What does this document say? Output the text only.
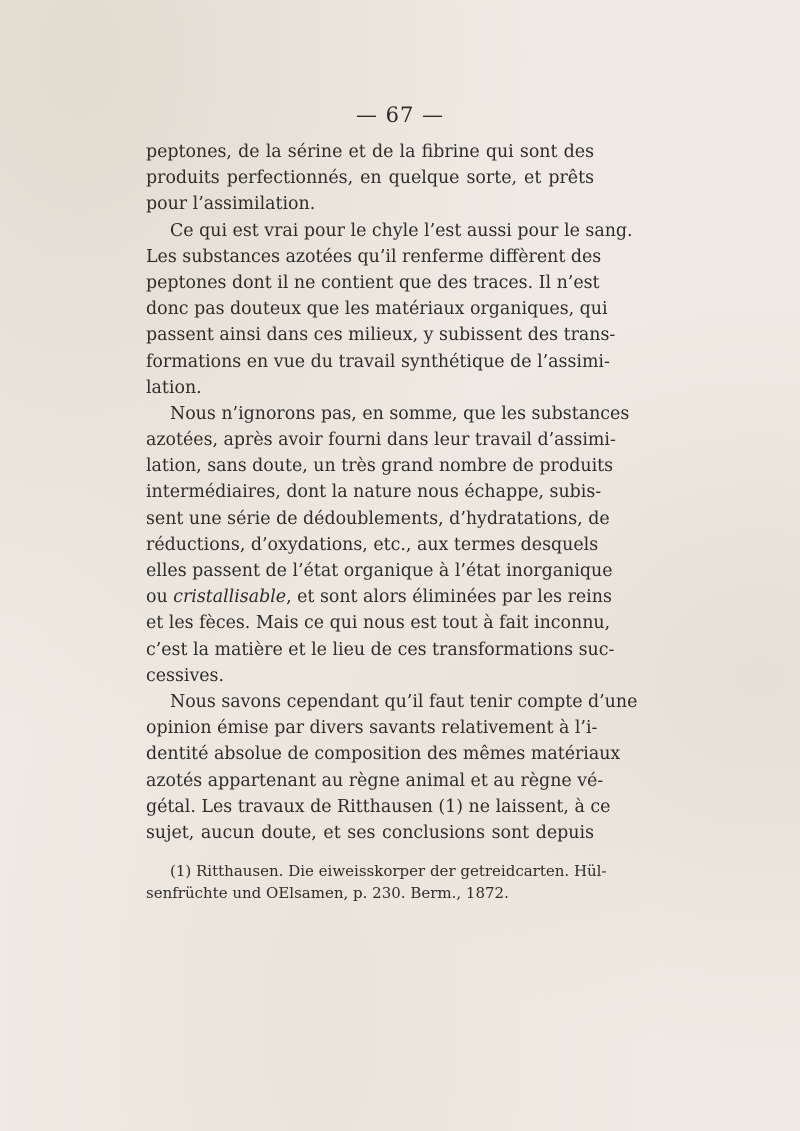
— 67 —
peptones, de la sérine et de la fibrine qui sont des
produits perfectionnés, en quelque sorte, et prêts
pour l’assimilation.
Ce qui est vrai pour le chyle l’est aussi pour le sang.
Les substances azotées qu’il renferme diffèrent des
peptones dont il ne contient que des traces. Il n’est
donc pas douteux que les matériaux organiques, qui
passent ainsi dans ces milieux, y subissent des trans-
formations en vue du travail synthétique de l’assimi-
lation.
Nous n’ignorons pas, en somme, que les substances
azotées, après avoir fourni dans leur travail d’assimi-
lation, sans doute, un très grand nombre de produits
intermédiaires, dont la nature nous échappe, subis-
sent une série de dédoublements, d’hydratations, de
réductions, d’oxydations, etc., aux termes desquels
elles passent de l’état organique à l’état inorganique
ou cristallisable, et sont alors éliminées par les reins
et les fèces. Mais ce qui nous est tout à fait inconnu,
c’est la matière et le lieu de ces transformations suc-
cessives.
Nous savons cependant qu’il faut tenir compte d’une
opinion émise par divers savants relativement à l’i-
dentité absolue de composition des mêmes matériaux
azotés appartenant au règne animal et au règne vé-
gétal. Les travaux de Ritthausen (1) ne laissent, à ce
sujet, aucun doute, et ses conclusions sont depuis
(1) Ritthausen. Die eiweisskorper der getreidcarten. Hül-
senfrüchte und OElsamen, p. 230. Berm., 1872.
